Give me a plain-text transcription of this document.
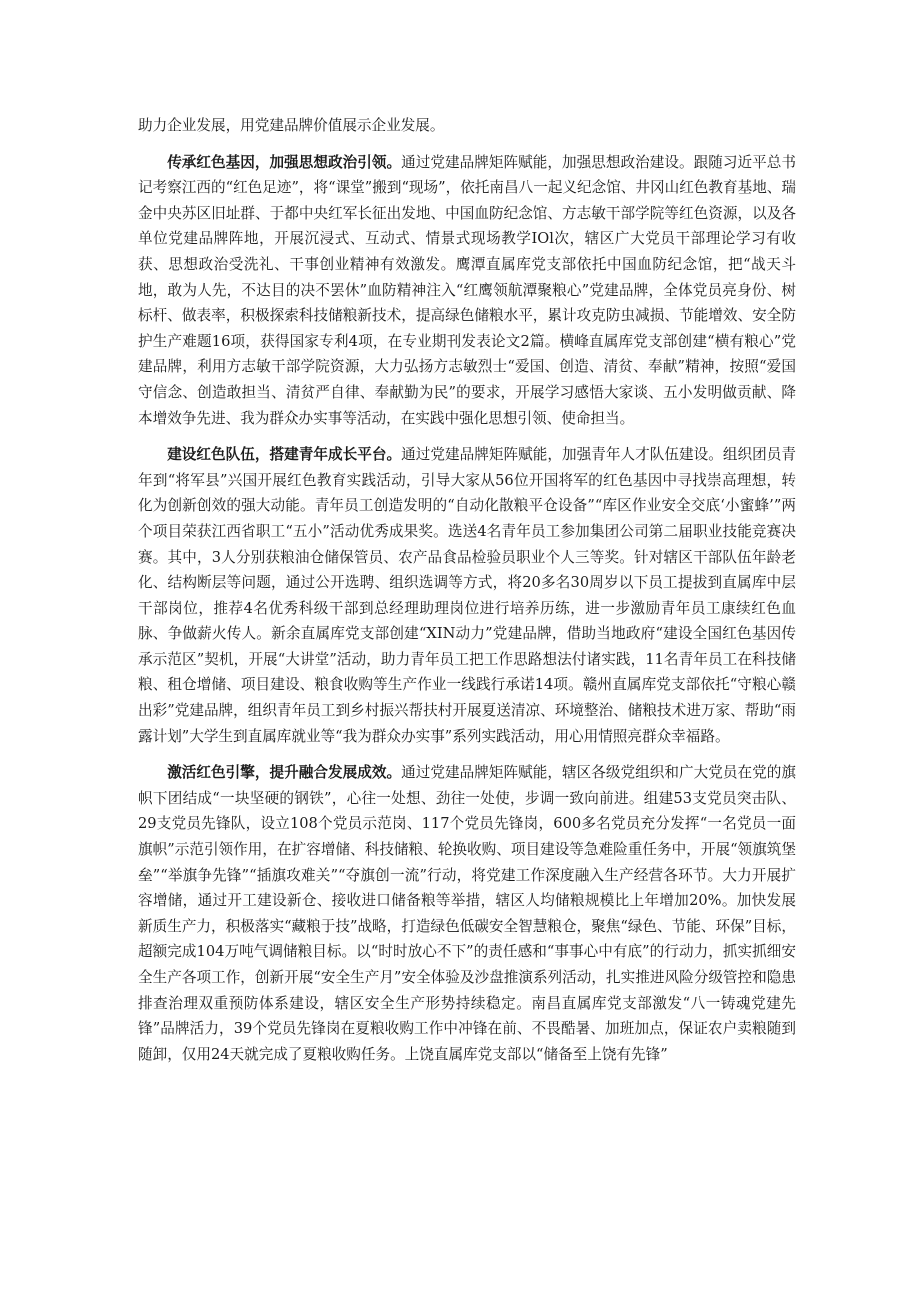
助力企业发展，用党建品牌价值展示企业发展。

传承红色基因，加强思想政治引领。通过党建品牌矩阵赋能，加强思想政治建设。跟随习近平总书记考察江西的“红色足迹”，将“课堂”搬到“现场”，依托南昌八一起义纪念馆、井冈山红色教育基地、瑞金中央苏区旧址群、于都中央红军长征出发地、中国血防纪念馆、方志敏干部学院等红色资源，以及各单位党建品牌阵地，开展沉浸式、互动式、情景式现场教学IOl次，辖区广大党员干部理论学习有收获、思想政治受洗礼、干事创业精神有效激发。鹰潭直属库党支部依托中国血防纪念馆，把“战天斗地，敢为人先，不达目的决不罢休”血防精神注入“红鹰领航潭聚粮心”党建品牌，全体党员亮身份、树标杆、做表率，积极探索科技储粮新技术，提高绿色储粮水平，累计攻克防虫减损、节能增效、安全防护生产难题16项，获得国家专利4项，在专业期刊发表论文2篇。横峰直属库党支部创建“横有粮心”党建品牌，利用方志敏干部学院资源，大力弘扬方志敏烈士“爱国、创造、清贫、奉献”精神，按照“爱国守信念、创造敢担当、清贫严自律、奉献勤为民”的要求，开展学习感悟大家谈、五小发明做贡献、降本增效争先进、我为群众办实事等活动，在实践中强化思想引领、使命担当。

建设红色队伍，搭建青年成长平台。通过党建品牌矩阵赋能，加强青年人才队伍建设。组织团员青年到“将军县”兴国开展红色教育实践活动，引导大家从56位开国将军的红色基因中寻找崇高理想，转化为创新创效的强大动能。青年员工创造发明的“自动化散粮平仓设备”“库区作业安全交底‘小蜜蜂’”两个项目荣获江西省职工“五小”活动优秀成果奖。选送4名青年员工参加集团公司第二届职业技能竞赛决赛。其中，3人分别获粮油仓储保管员、农产品食品检验员职业个人三等奖。针对辖区干部队伍年龄老化、结构断层等问题，通过公开选聘、组织选调等方式，将20多名30周岁以下员工提拔到直属库中层干部岗位，推荐4名优秀科级干部到总经理助理岗位进行培养历练，进一步激励青年员工康续红色血脉、争做薪火传人。新余直属库党支部创建“XIN动力”党建品牌，借助当地政府“建设全国红色基因传承示范区”契机，开展“大讲堂”活动，助力青年员工把工作思路想法付诸实践，11名青年员工在科技储粮、租仓增储、项目建设、粮食收购等生产作业一线践行承诺14项。赣州直属库党支部依托“守粮心赣出彩”党建品牌，组织青年员工到乡村振兴帮扶村开展夏送清凉、环境整治、储粮技术进万家、帮助“雨露计划”大学生到直属库就业等“我为群众办实事”系列实践活动，用心用情照亮群众幸福路。

激活红色引擎，提升融合发展成效。通过党建品牌矩阵赋能，辖区各级党组织和广大党员在党的旗帜下团结成“一块坚硬的钢铁”，心往一处想、劲往一处使，步调一致向前进。组建53支党员突击队、29支党员先锋队，设立108个党员示范岗、117个党员先锋岗，600多名党员充分发挥“一名党员一面旗帜”示范引领作用，在扩容增储、科技储粮、轮换收购、项目建设等急难险重任务中，开展“领旗筑堡垒”“举旗争先锋”“插旗攻难关”“夺旗创一流”行动，将党建工作深度融入生产经营各环节。大力开展扩容增储，通过开工建设新仓、接收进口储备粮等举措，辖区人均储粮规模比上年增加20%。加快发展新质生产力，积极落实“藏粮于技”战略，打造绿色低碳安全智慧粮仓，聚焦“绿色、节能、环保”目标，超额完成104万吨气调储粮目标。以“时时放心不下”的责任感和“事事心中有底”的行动力，抓实抓细安全生产各项工作，创新开展“安全生产月”安全体验及沙盘推演系列活动，扎实推进风险分级管控和隐患排查治理双重预防体系建设，辖区安全生产形势持续稳定。南昌直属库党支部激发“八一铸魂党建先锋”品牌活力，39个党员先锋岗在夏粮收购工作中冲锋在前、不畏酷暑、加班加点，保证农户卖粮随到随卸，仅用24天就完成了夏粮收购任务。上饶直属库党支部以“储备至上饶有先锋”
